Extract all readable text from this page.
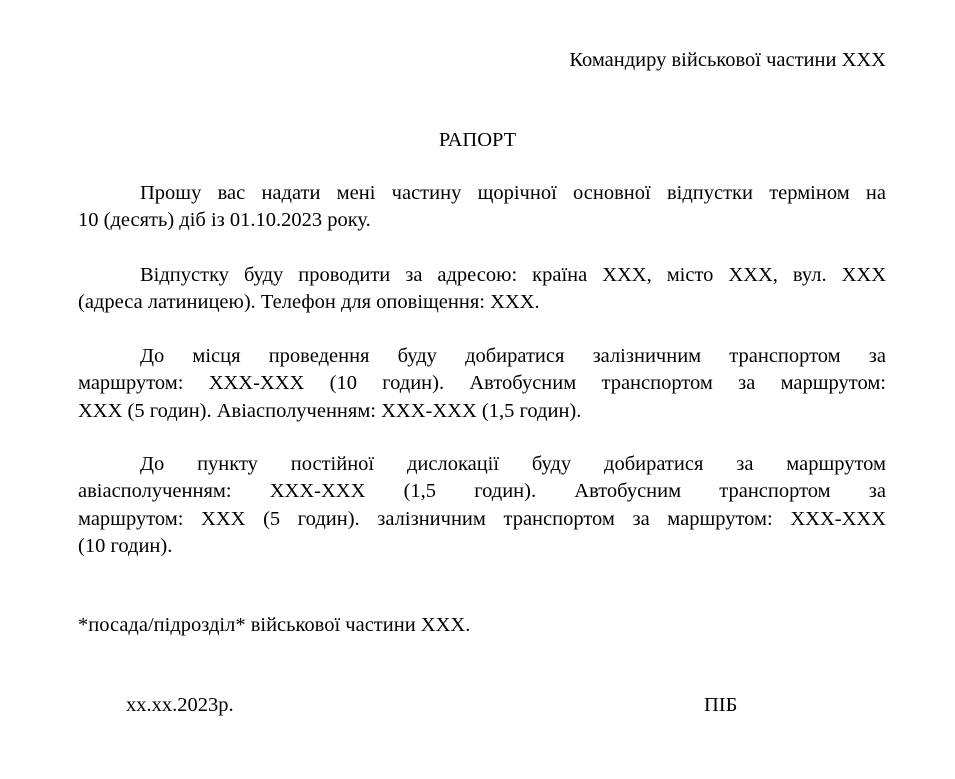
Командиру військової частини ХХХ
РАПОРТ
Прошу вас надати мені частину щорічної основної відпустки терміном на
10 (десять) діб із 01.10.2023 року.
Відпустку буду проводити за адресою: країна ХХХ, місто ХХХ, вул. ХХХ
(адреса латиницею). Телефон для оповіщення: ХХХ.
До місця проведення буду добиратися залізничним транспортом за
маршрутом: ХХХ-ХХХ (10 годин). Автобусним транспортом за маршрутом:
ХХХ (5 годин). Авіасполученням: ХХХ-ХХХ (1,5 годин).
До пункту постійної дислокації буду добиратися за маршрутом
авіасполученням: ХХХ-ХХХ (1,5 годин). Автобусним транспортом за
маршрутом: ХХХ (5 годин). залізничним транспортом за маршрутом: ХХХ-ХХХ
(10 годин).
*посада/підрозділ* військової частини ХХХ.
хх.хх.2023р.	ПІБ
